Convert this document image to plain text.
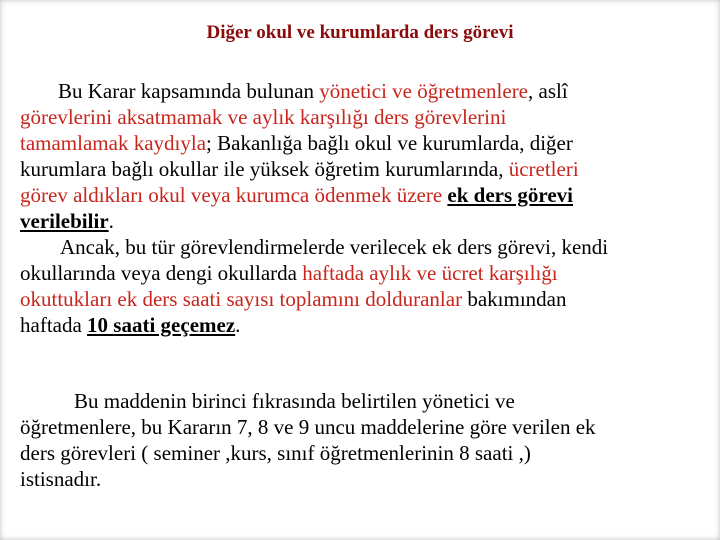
Diğer okul ve kurumlarda ders görevi
Bu Karar kapsamında bulunan yönetici ve öğretmenlere, aslî
görevlerini aksatmamak ve aylık karşılığı ders görevlerini
tamamlamak kaydıyla; Bakanlığa bağlı okul ve kurumlarda, diğer
kurumlara bağlı okullar ile yüksek öğretim kurumlarında, ücretleri
görev aldıkları okul veya kurumca ödenmek üzere ek ders görevi
verilebilir.
Ancak, bu tür görevlendirmelerde verilecek ek ders görevi, kendi
okullarında veya dengi okullarda haftada aylık ve ücret karşılığı
okuttukları ek ders saati sayısı toplamını dolduranlar bakımından
haftada 10 saati geçemez.
Bu maddenin birinci fıkrasında belirtilen yönetici ve
öğretmenlere, bu Kararın 7, 8 ve 9 uncu maddelerine göre verilen ek
ders görevleri ( seminer ,kurs, sınıf öğretmenlerinin 8 saati ,)
istisnadır.
